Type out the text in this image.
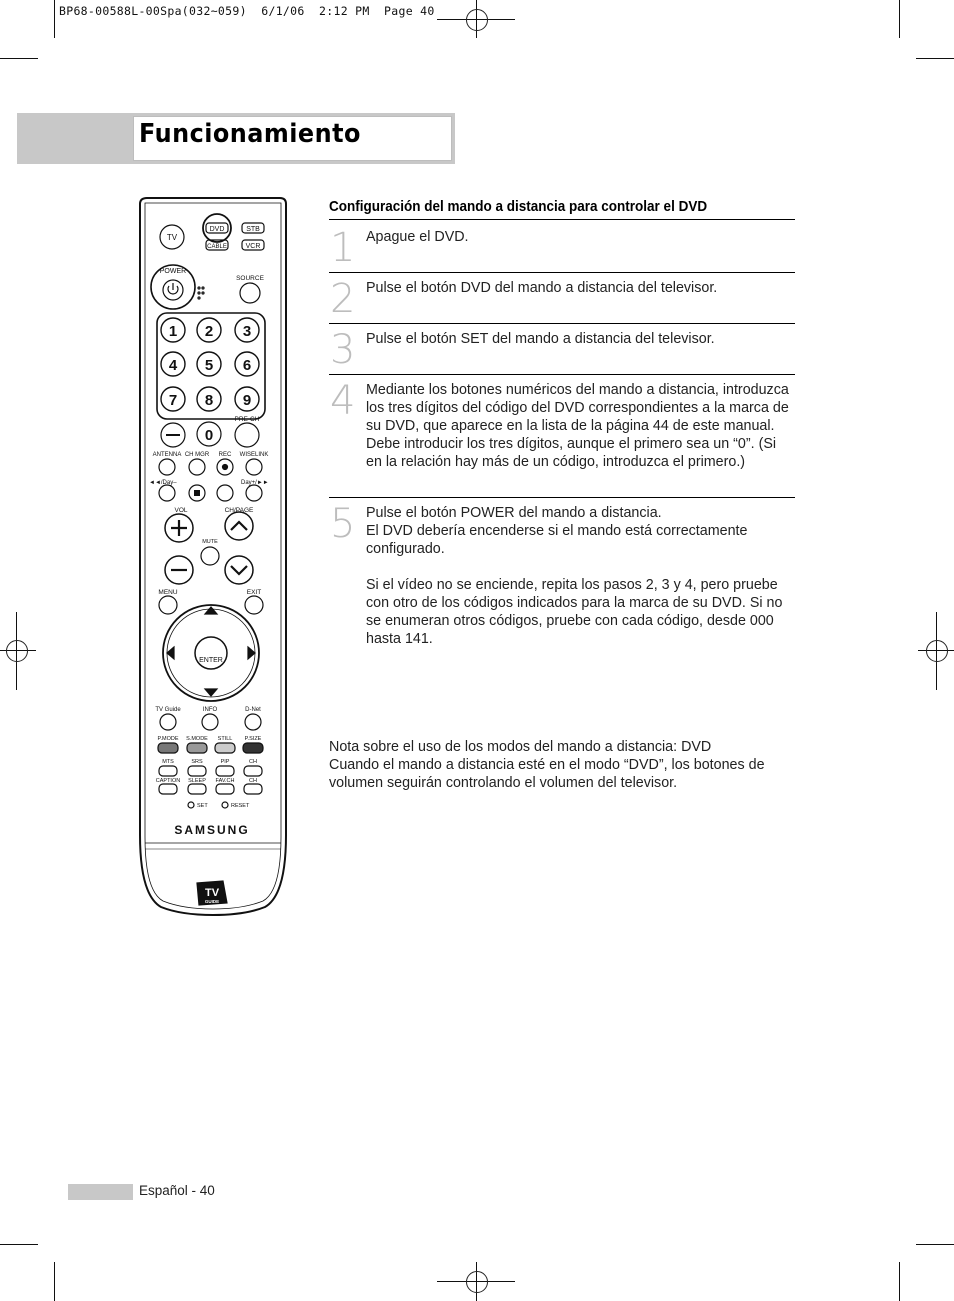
BP68-00588L-00Spa(032~059)  6/1/06  2:12 PM  Page 40
Funcionamiento
Configuración del mando a distancia para controlar el DVD
1 Apague el DVD.

2 Pulse el botón DVD del mando a distancia del televisor.

3 Pulse el botón SET del mando a distancia del televisor.

4 Mediante los botones numéricos del mando a distancia, introduzca los tres dígitos del código del DVD correspondientes a la marca de su DVD, que aparece en la lista de la página 44 de este manual. Debe introducir los tres dígitos, aunque el primero sea un “0”. (Si en la relación hay más de un código, introduzca el primero.)

5 Pulse el botón POWER del mando a distancia.

El DVD debería encenderse si el mando está correctamente configurado.

Si el vídeo no se enciende, repita los pasos 2, 3 y 4, pero pruebe con otro de los códigos indicados para la marca de su DVD. Si no se enumeran otros códigos, pruebe con cada código, desde 000 hasta 141.

Nota sobre el uso de los modos del mando a distancia: DVD
Cuando el mando a distancia esté en el modo “DVD”, los botones de volumen seguirán controlando el volumen del televisor.
Español - 40
TV
DVD	STB
CABLE	VCR
POWER
SOURCE
1 2 3
4 5 6
7 8 9
0
PRE-CH
ANTENNA CH MGR REC WISELINK
◄◄/Day–	Day+/►►
VOL	CH/PAGE
MUTE
MENU	EXIT
ENTER
TV Guide	INFO	D-Net
P.MODE S.MODE STILL P.SIZE
MTS	SRS	PIP	CH
CAPTION SLEEP FAV.CH	CH
SET	RESET
SAMSUNG
TV
GUIDE
